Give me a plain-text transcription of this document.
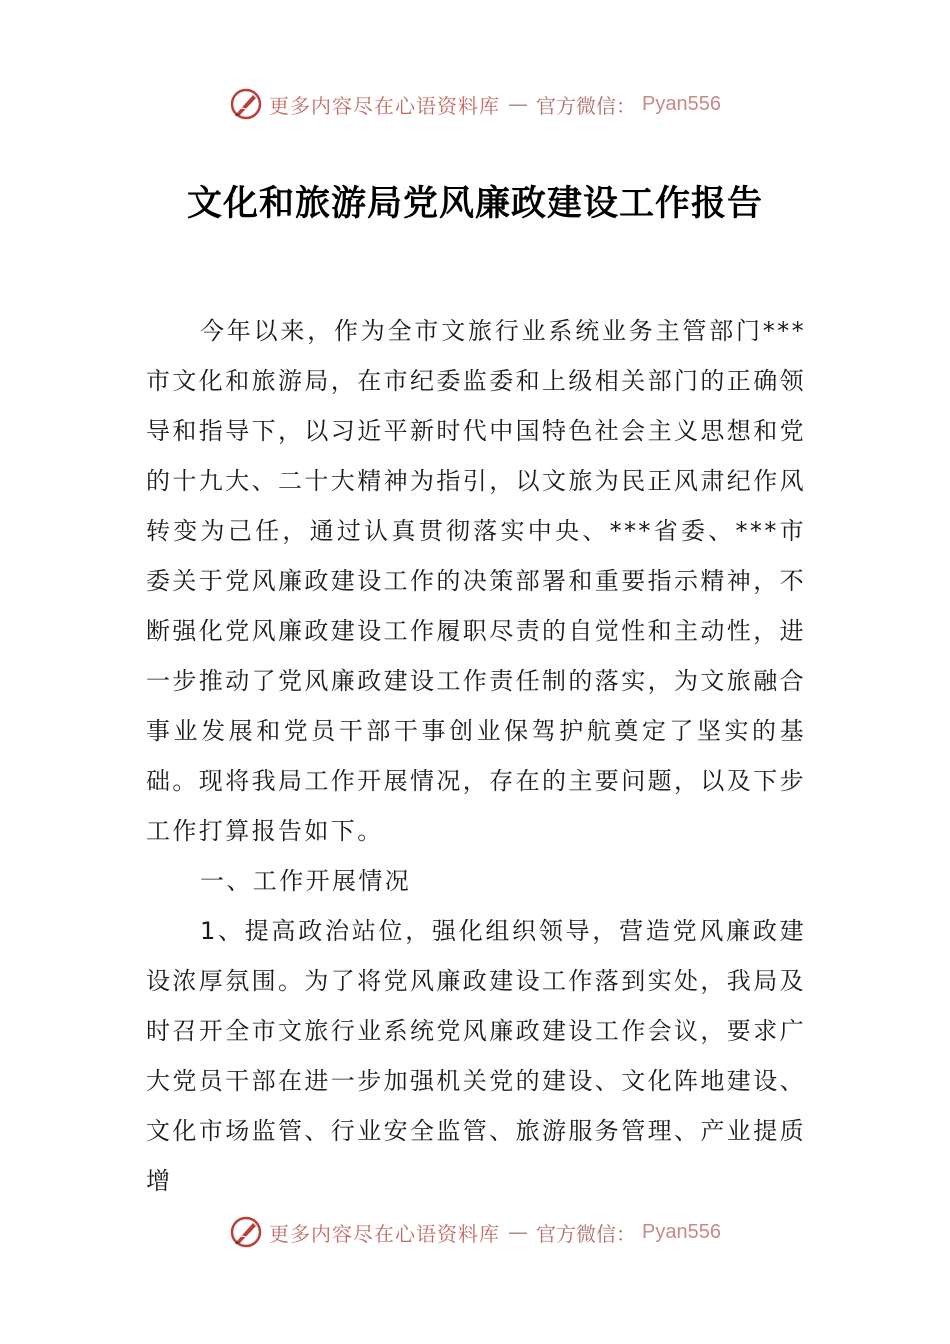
更多内容尽在心语资料库 — 官方微信： Pyan556
文化和旅游局党风廉政建设工作报告

今年以来，作为全市文旅行业系统业务主管部门***市文化和旅游局，在市纪委监委和上级相关部门的正确领导和指导下，以习近平新时代中国特色社会主义思想和党的十九大、二十大精神为指引，以文旅为民正风肃纪作风转变为己任，通过认真贯彻落实中央、***省委、***市委关于党风廉政建设工作的决策部署和重要指示精神，不断强化党风廉政建设工作履职尽责的自觉性和主动性，进一步推动了党风廉政建设工作责任制的落实，为文旅融合事业发展和党员干部干事创业保驾护航奠定了坚实的基础。现将我局工作开展情况，存在的主要问题，以及下步工作打算报告如下。

一、工作开展情况

1、提高政治站位，强化组织领导，营造党风廉政建设浓厚氛围。为了将党风廉政建设工作落到实处，我局及时召开全市文旅行业系统党风廉政建设工作会议，要求广大党员干部在进一步加强机关党的建设、文化阵地建设、文化市场监管、行业安全监管、旅游服务管理、产业提质增

更多内容尽在心语资料库 — 官方微信： Pyan556
